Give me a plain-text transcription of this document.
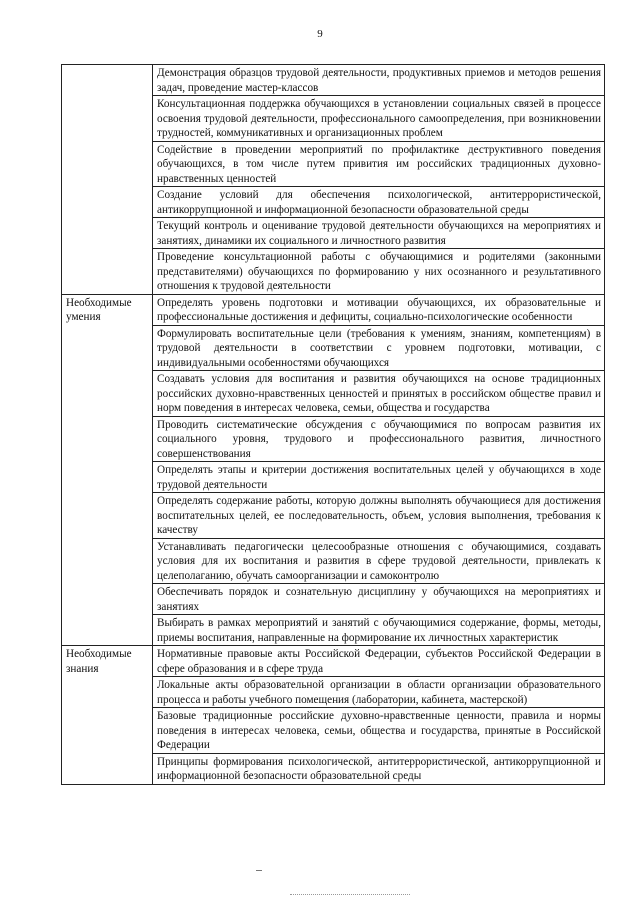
9
	Демонстрация образцов трудовой деятельности, продуктивных приемов и методов решения задач, проведение мастер-классов
	Консультационная поддержка обучающихся в установлении социальных связей в процессе освоения трудовой деятельности, профессионального самоопределения, при возникновении трудностей, коммуникативных и организационных проблем
	Содействие в проведении мероприятий по профилактике деструктивного поведения обучающихся, в том числе путем привития им российских традиционных духовно-нравственных ценностей
	Создание условий для обеспечения психологической, антитеррористической, антикоррупционной и информационной безопасности образовательной среды
	Текущий контроль и оценивание трудовой деятельности обучающихся на мероприятиях и занятиях, динамики их социального и личностного развития
	Проведение консультационной работы с обучающимися и родителями (законными представителями) обучающихся по формированию у них осознанного и результативного отношения к трудовой деятельности
Необходимые умения	Определять уровень подготовки и мотивации обучающихся, их образовательные и профессиональные достижения и дефициты, социально-психологические особенности
	Формулировать воспитательные цели (требования к умениям, знаниям, компетенциям) в трудовой деятельности в соответствии с уровнем подготовки, мотивации, с индивидуальными особенностями обучающихся
	Создавать условия для воспитания и развития обучающихся на основе традиционных российских духовно-нравственных ценностей и принятых в российском обществе правил и норм поведения в интересах человека, семьи, общества и государства
	Проводить систематические обсуждения с обучающимися по вопросам развития их социального уровня, трудового и профессионального развития, личностного совершенствования
	Определять этапы и критерии достижения воспитательных целей у обучающихся в ходе трудовой деятельности
	Определять содержание работы, которую должны выполнять обучающиеся для достижения воспитательных целей, ее последовательность, объем, условия выполнения, требования к качеству
	Устанавливать педагогически целесообразные отношения с обучающимися, создавать условия для их воспитания и развития в сфере трудовой деятельности, привлекать к целеполаганию, обучать самоорганизации и самоконтролю
	Обеспечивать порядок и сознательную дисциплину у обучающихся на мероприятиях и занятиях
	Выбирать в рамках мероприятий и занятий с обучающимися содержание, формы, методы, приемы воспитания, направленные на формирование их личностных характеристик
Необходимые знания	Нормативные правовые акты Российской Федерации, субъектов Российской Федерации в сфере образования и в сфере труда
	Локальные акты образовательной организации в области организации образовательного процесса и работы учебного помещения (лаборатории, кабинета, мастерской)
	Базовые традиционные российские духовно-нравственные ценности, правила и нормы поведения в интересах человека, семьи, общества и государства, принятые в Российской Федерации
	Принципы формирования психологической, антитеррористической, антикоррупционной и информационной безопасности образовательной среды
